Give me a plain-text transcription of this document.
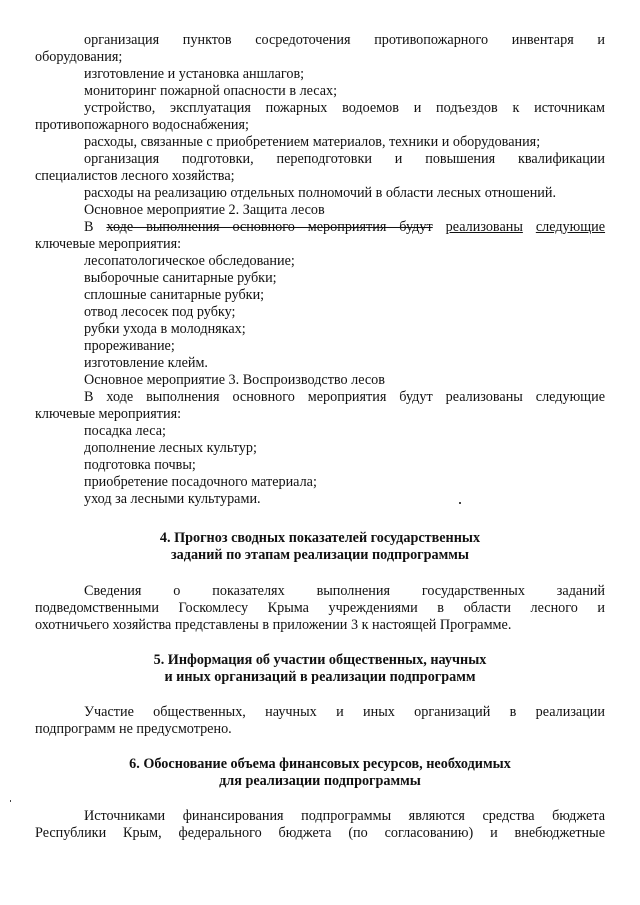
организация пунктов сосредоточения противопожарного инвентаря и
оборудования;
изготовление и установка аншлагов;
мониторинг пожарной опасности в лесах;
устройство, эксплуатация пожарных водоемов и подъездов к источникам
противопожарного водоснабжения;
расходы, связанные с приобретением материалов, техники и оборудования;
организация подготовки, переподготовки и повышения квалификации
специалистов лесного хозяйства;
расходы на реализацию отдельных полномочий в области лесных отношений.
Основное мероприятие 2. Защита лесов
В ходе выполнения основного мероприятия будут реализованы следующие
ключевые мероприятия:
лесопатологическое обследование;
выборочные санитарные рубки;
сплошные санитарные рубки;
отвод лесосек под рубку;
рубки ухода в молодняках;
прореживание;
изготовление клейм.
Основное мероприятие 3. Воспроизводство лесов
В ходе выполнения основного мероприятия будут реализованы следующие
ключевые мероприятия:
посадка леса;
дополнение лесных культур;
подготовка почвы;
приобретение посадочного материала;
уход за лесными культурами.
4. Прогноз сводных показателей государственных
заданий по этапам реализации подпрограммы
Сведения о показателях выполнения государственных заданий
подведомственными Госкомлесу Крыма учреждениями в области лесного и
охотничьего хозяйства представлены в приложении 3 к настоящей Программе.
5. Информация об участии общественных, научных
и иных организаций в реализации подпрограмм
Участие общественных, научных и иных организаций в реализации
подпрограмм не предусмотрено.
6. Обоснование объема финансовых ресурсов, необходимых
для реализации подпрограммы
Источниками финансирования подпрограммы являются средства бюджета
Республики Крым, федерального бюджета (по согласованию) и внебюджетные
